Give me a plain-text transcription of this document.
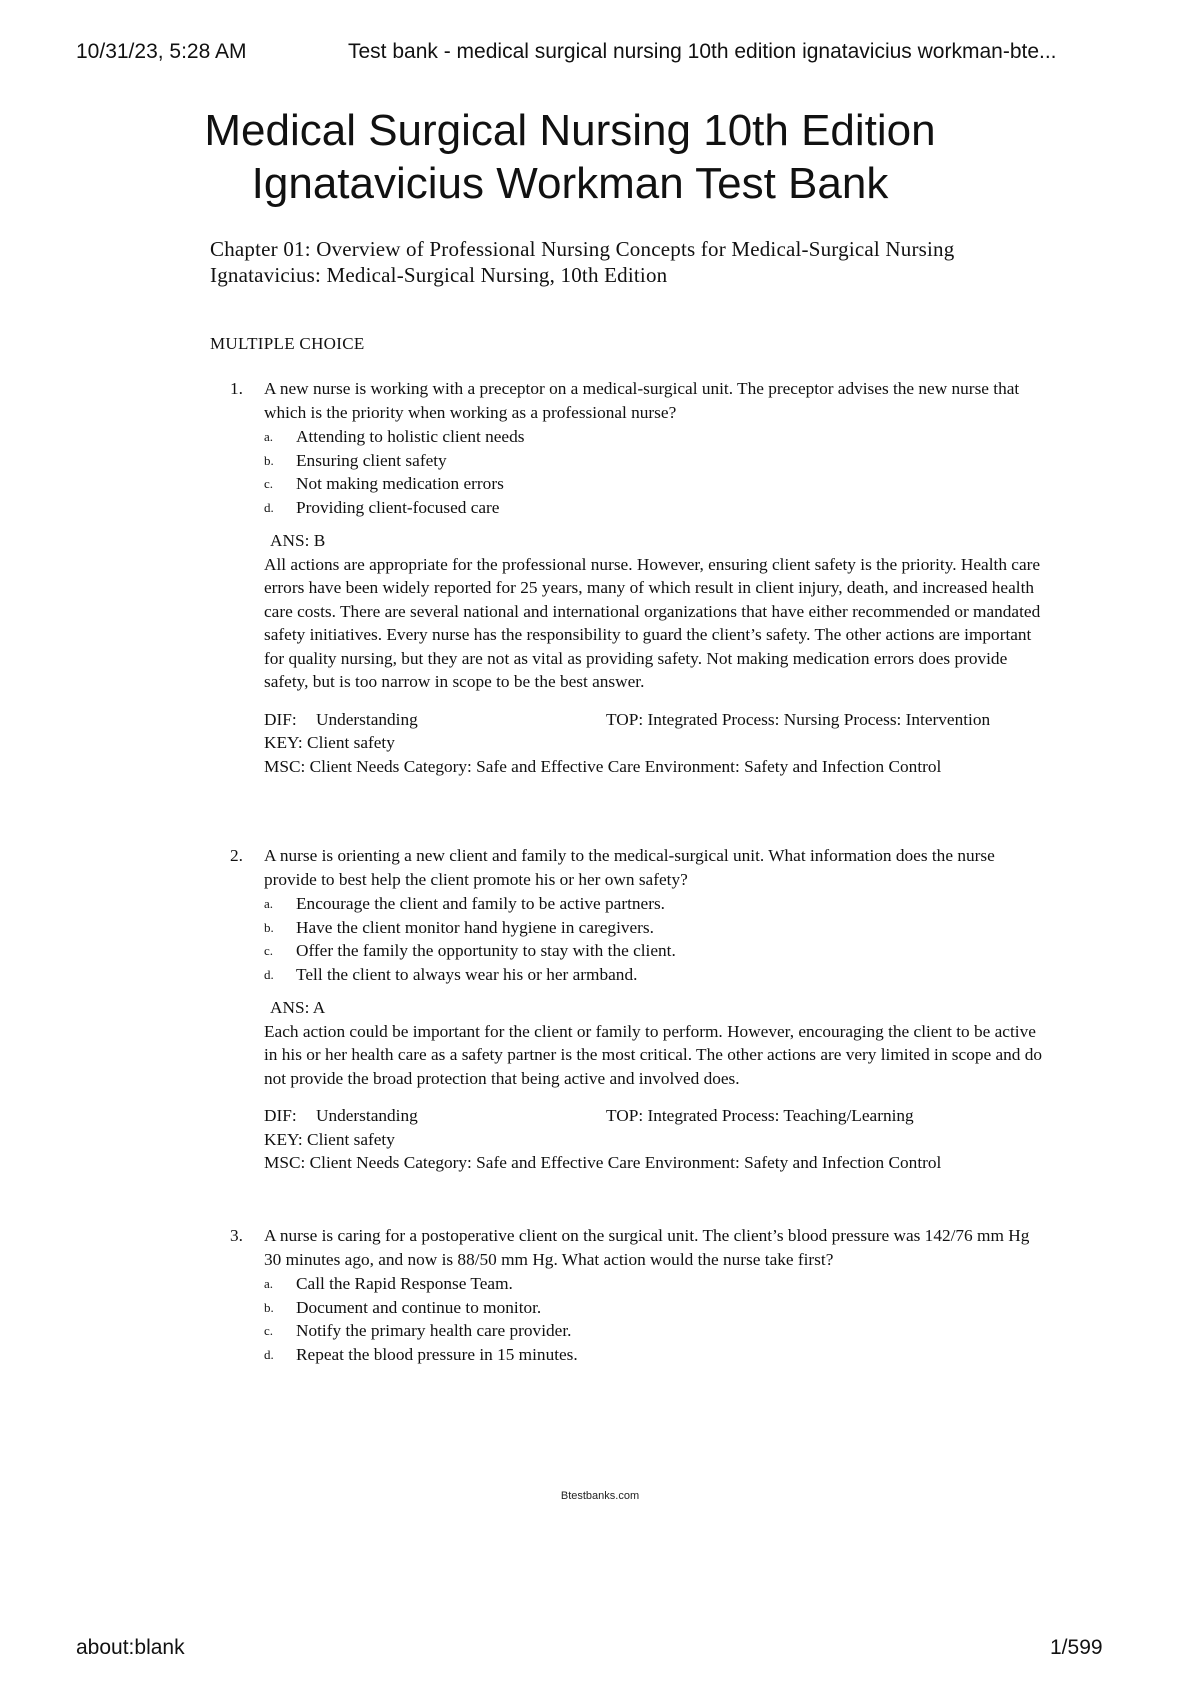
10/31/23, 5:28 AM	Test bank - medical surgical nursing 10th edition ignatavicius workman-bte...
Medical Surgical Nursing 10th Edition
Ignatavicius Workman Test Bank
Chapter 01: Overview of Professional Nursing Concepts for Medical-Surgical Nursing
Ignatavicius: Medical-Surgical Nursing, 10th Edition
MULTIPLE CHOICE
1. A new nurse is working with a preceptor on a medical-surgical unit. The preceptor advises the new nurse that which is the priority when working as a professional nurse?
a. Attending to holistic client needs
b. Ensuring client safety
c. Not making medication errors
d. Providing client-focused care
ANS: B
All actions are appropriate for the professional nurse. However, ensuring client safety is the priority. Health care errors have been widely reported for 25 years, many of which result in client injury, death, and increased health care costs. There are several national and international organizations that have either recommended or mandated safety initiatives. Every nurse has the responsibility to guard the client’s safety. The other actions are important for quality nursing, but they are not as vital as providing safety. Not making medication errors does provide safety, but is too narrow in scope to be the best answer.
DIF: Understanding	TOP: Integrated Process: Nursing Process: Intervention
KEY: Client safety
MSC: Client Needs Category: Safe and Effective Care Environment: Safety and Infection Control
2. A nurse is orienting a new client and family to the medical-surgical unit. What information does the nurse provide to best help the client promote his or her own safety?
a. Encourage the client and family to be active partners.
b. Have the client monitor hand hygiene in caregivers.
c. Offer the family the opportunity to stay with the client.
d. Tell the client to always wear his or her armband.
ANS: A
Each action could be important for the client or family to perform. However, encouraging the client to be active in his or her health care as a safety partner is the most critical. The other actions are very limited in scope and do not provide the broad protection that being active and involved does.
DIF: Understanding	TOP: Integrated Process: Teaching/Learning
KEY: Client safety
MSC: Client Needs Category: Safe and Effective Care Environment: Safety and Infection Control
3. A nurse is caring for a postoperative client on the surgical unit. The client’s blood pressure was 142/76 mm Hg 30 minutes ago, and now is 88/50 mm Hg. What action would the nurse take first?
a. Call the Rapid Response Team.
b. Document and continue to monitor.
c. Notify the primary health care provider.
d. Repeat the blood pressure in 15 minutes.
Btestbanks.com
about:blank	1/599
